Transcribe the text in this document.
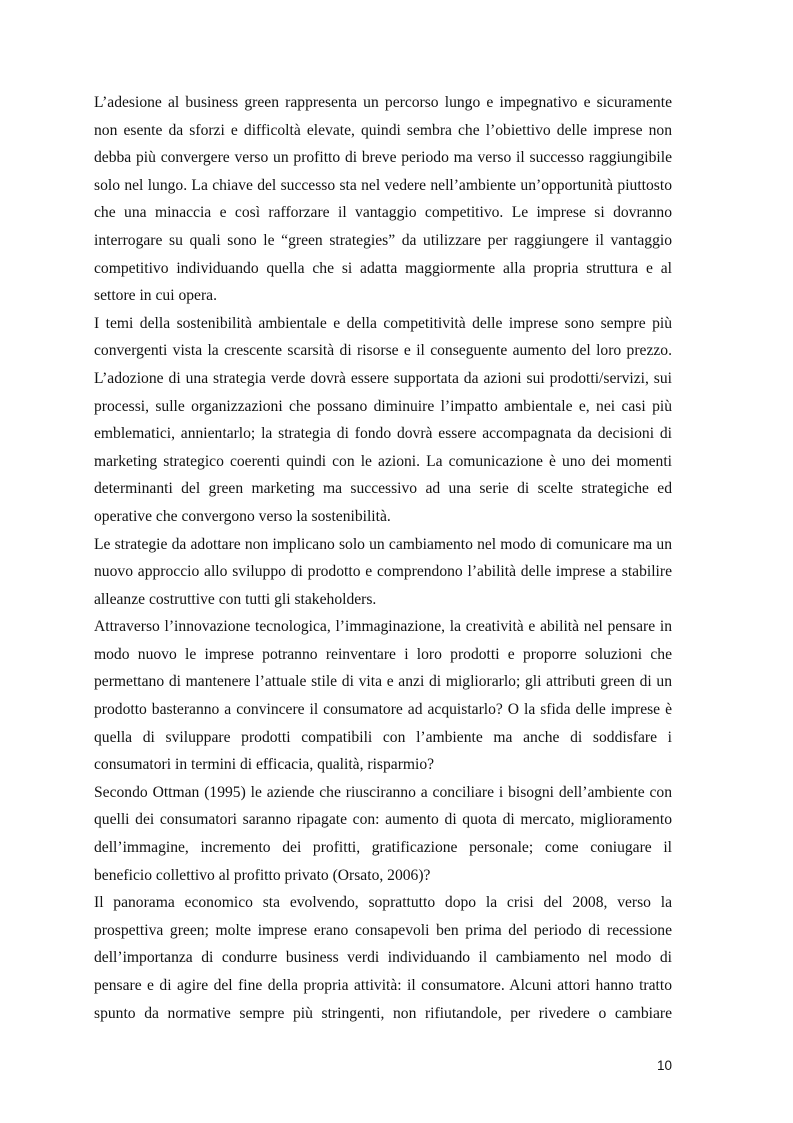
L’adesione al business green rappresenta un percorso lungo e impegnativo e sicuramente non esente da sforzi e difficoltà elevate, quindi sembra che l’obiettivo delle imprese non debba più convergere verso un profitto di breve periodo ma verso il successo raggiungibile solo nel lungo. La chiave del successo sta nel vedere nell’ambiente un’opportunità piuttosto che una minaccia e così rafforzare il vantaggio competitivo. Le imprese si dovranno interrogare su quali sono le “green strategies” da utilizzare per raggiungere il vantaggio competitivo individuando quella che si adatta maggiormente alla propria struttura e al settore in cui opera.

I temi della sostenibilità ambientale e della competitività delle imprese sono sempre più convergenti vista la crescente scarsità di risorse e il conseguente aumento del loro prezzo. L’adozione di una strategia verde dovrà essere supportata da azioni sui prodotti/servizi, sui processi, sulle organizzazioni che possano diminuire l’impatto ambientale e, nei casi più emblematici, annientarlo; la strategia di fondo dovrà essere accompagnata da decisioni di marketing strategico coerenti quindi con le azioni. La comunicazione è uno dei momenti determinanti del green marketing ma successivo ad una serie di scelte strategiche ed operative che convergono verso la sostenibilità.

Le strategie da adottare non implicano solo un cambiamento nel modo di comunicare ma un nuovo approccio allo sviluppo di prodotto e comprendono l’abilità delle imprese a stabilire alleanze costruttive con tutti gli stakeholders.

Attraverso l’innovazione tecnologica, l’immaginazione, la creatività e abilità nel pensare in modo nuovo le imprese potranno reinventare i loro prodotti e proporre soluzioni che permettano di mantenere l’attuale stile di vita e anzi di migliorarlo; gli attributi green di un prodotto basteranno a convincere il consumatore ad acquistarlo? O la sfida delle imprese è quella di sviluppare prodotti compatibili con l’ambiente ma anche di soddisfare i consumatori in termini di efficacia, qualità, risparmio?

Secondo Ottman (1995) le aziende che riusciranno a conciliare i bisogni dell’ambiente con quelli dei consumatori saranno ripagate con: aumento di quota di mercato, miglioramento dell’immagine, incremento dei profitti, gratificazione personale; come coniugare il beneficio collettivo al profitto privato (Orsato, 2006)?

Il panorama economico sta evolvendo, soprattutto dopo la crisi del 2008, verso la prospettiva green; molte imprese erano consapevoli ben prima del periodo di recessione dell’importanza di condurre business verdi individuando il cambiamento nel modo di pensare e di agire del fine della propria attività: il consumatore. Alcuni attori hanno tratto spunto da normative sempre più stringenti, non rifiutandole, per rivedere o cambiare

10
